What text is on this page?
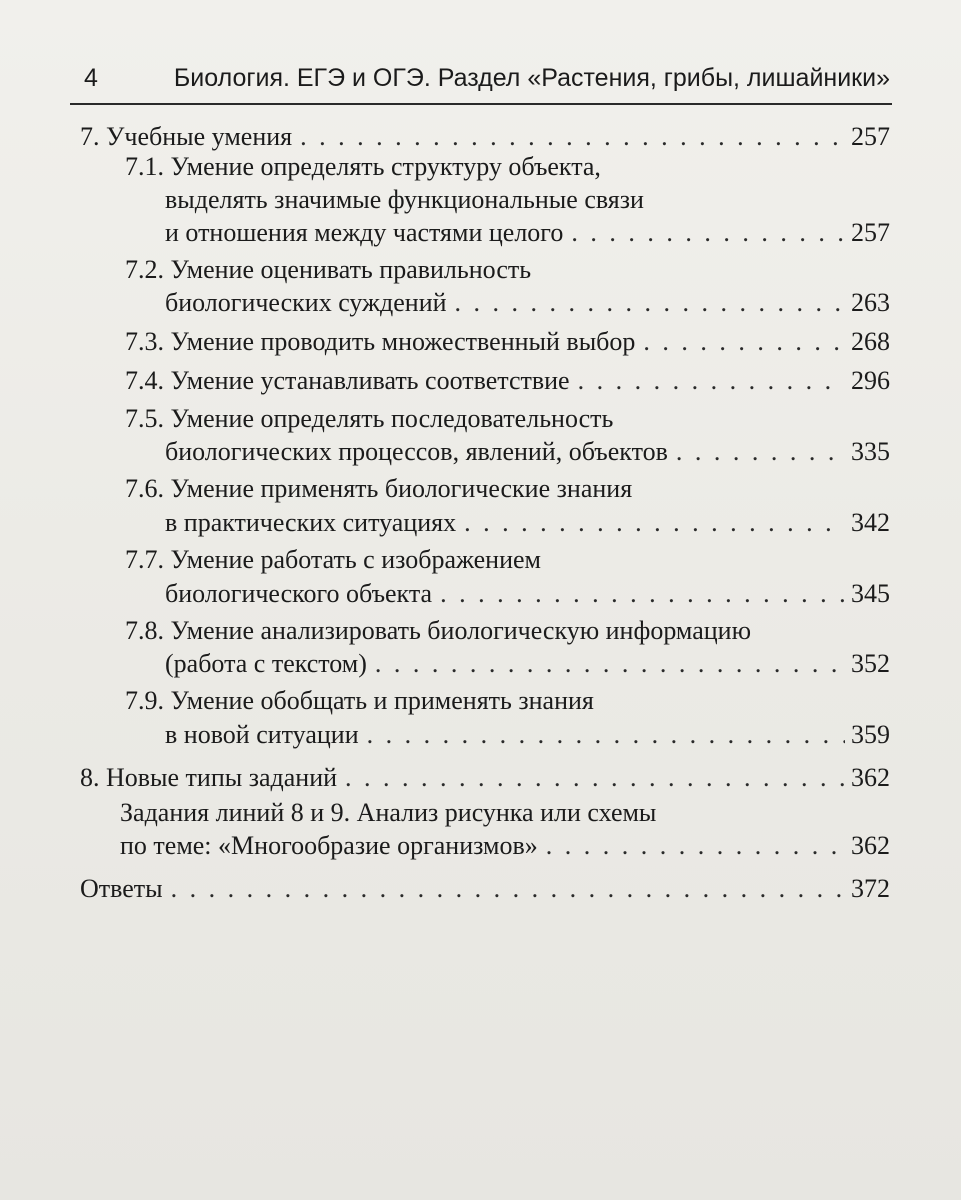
4	Биология. ЕГЭ и ОГЭ. Раздел «Растения, грибы, лишайники»
7. Учебные умения . . .	257
7.1. Умение определять структуру объекта,
выделять значимые функциональные связи
и отношения между частями целого . . .	257
7.2. Умение оценивать правильность
биологических суждений . . .	263
7.3. Умение проводить множественный выбор . . .	268
7.4. Умение устанавливать соответствие . . .	296
7.5. Умение определять последовательность
биологических процессов, явлений, объектов . . .	335
7.6. Умение применять биологические знания
в практических ситуациях . . .	342
7.7. Умение работать с изображением
биологического объекта . . .	345
7.8. Умение анализировать биологическую информацию
(работа с текстом) . . .	352
7.9. Умение обобщать и применять знания
в новой ситуации . . .	359
8. Новые типы заданий . . .	362
Задания линий 8 и 9. Анализ рисунка или схемы
по теме: «Многообразие организмов» . . .	362
Ответы . . .	372
